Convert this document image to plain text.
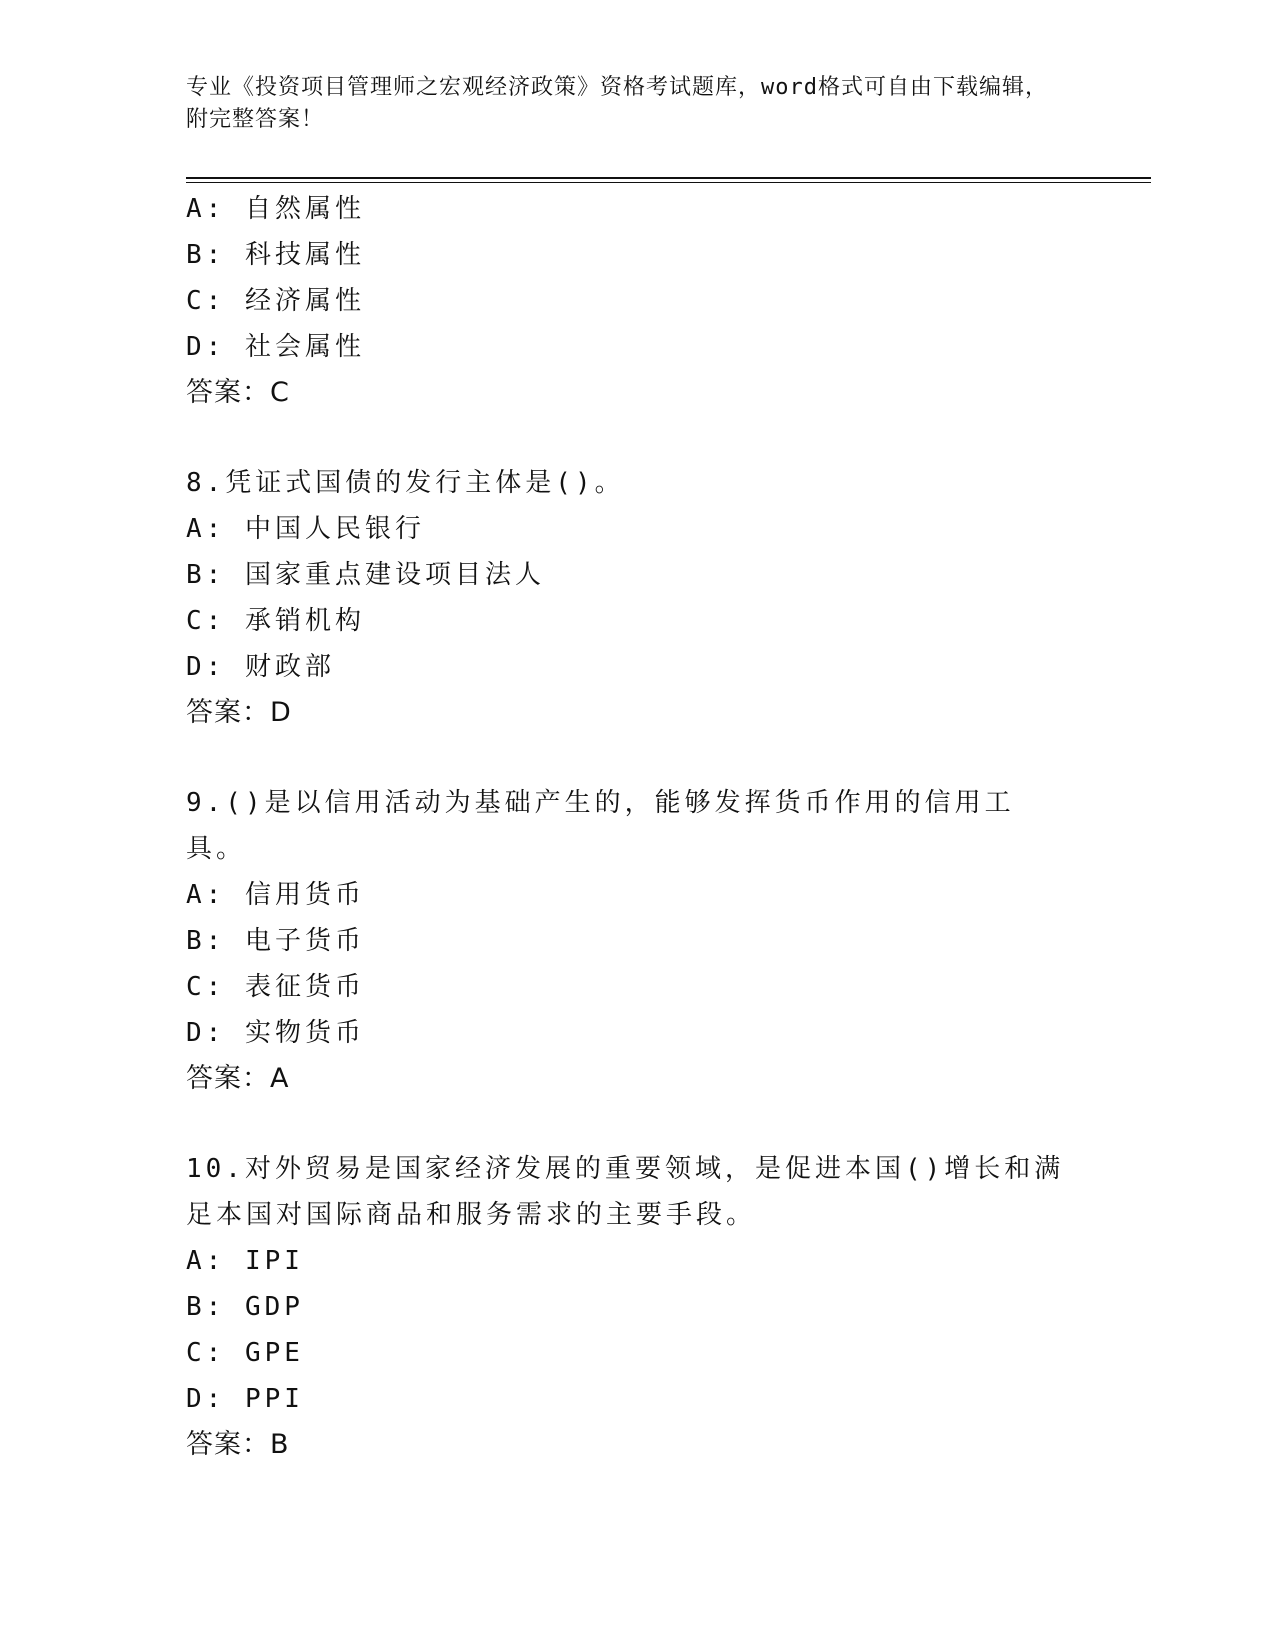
专业《投资项目管理师之宏观经济政策》资格考试题库，word格式可自由下载编辑，附完整答案！
A: 自然属性
B: 科技属性
C: 经济属性
D: 社会属性
答案：C
8.凭证式国债的发行主体是()。
A: 中国人民银行
B: 国家重点建设项目法人
C: 承销机构
D: 财政部
答案：D
9.()是以信用活动为基础产生的，能够发挥货币作用的信用工具。
A: 信用货币
B: 电子货币
C: 表征货币
D: 实物货币
答案：A
10.对外贸易是国家经济发展的重要领域，是促进本国()增长和满足本国对国际商品和服务需求的主要手段。
A: IPI
B: GDP
C: GPE
D: PPI
答案：B
